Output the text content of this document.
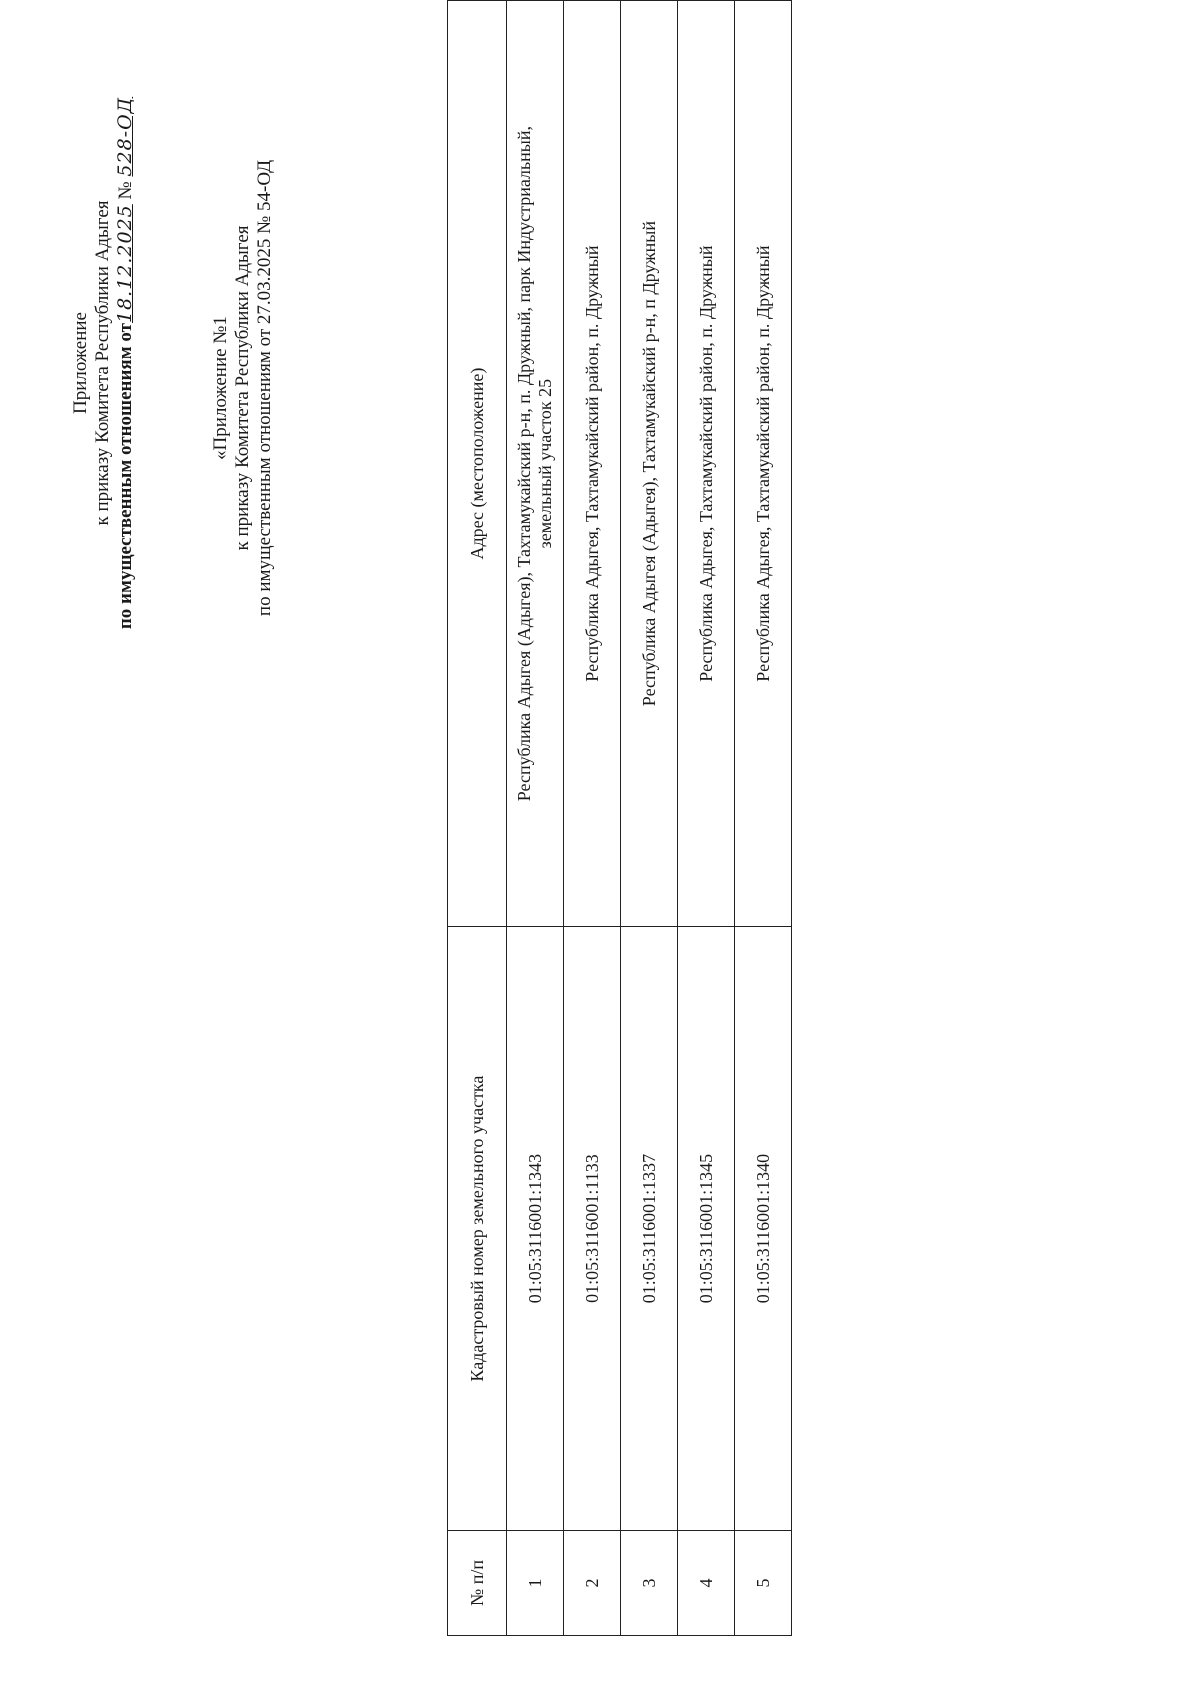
Приложение к приказу Комитета Республики Адыгея по имущественным отношениям от18.12.2025 № 528-ОД
«Приложение №1 к приказу Комитета Республики Адыгея по имущественным отношениям от 27.03.2025 № 54-ОД
№ п/п	Кадастровый номер земельного участка	Адрес (местоположение)
1	01:05:3116001:1343	Республика Адыгея (Адыгея), Тахтамукайский р-н, п. Дружный, парк Индустриальный, земельный участок 25

2	01:05:3116001:1133	Республика Адыгея, Тахтамукайский район, п. Дружный
3	01:05:3116001:1337	Республика Адыгея (Адыгея), Тахтамукайский р-н, п Дружный
4	01:05:3116001:1345	Республика Адыгея, Тахтамукайский район, п. Дружный
5	01:05:3116001:1340	Республика Адыгея, Тахтамукайский район, п. Дружный
